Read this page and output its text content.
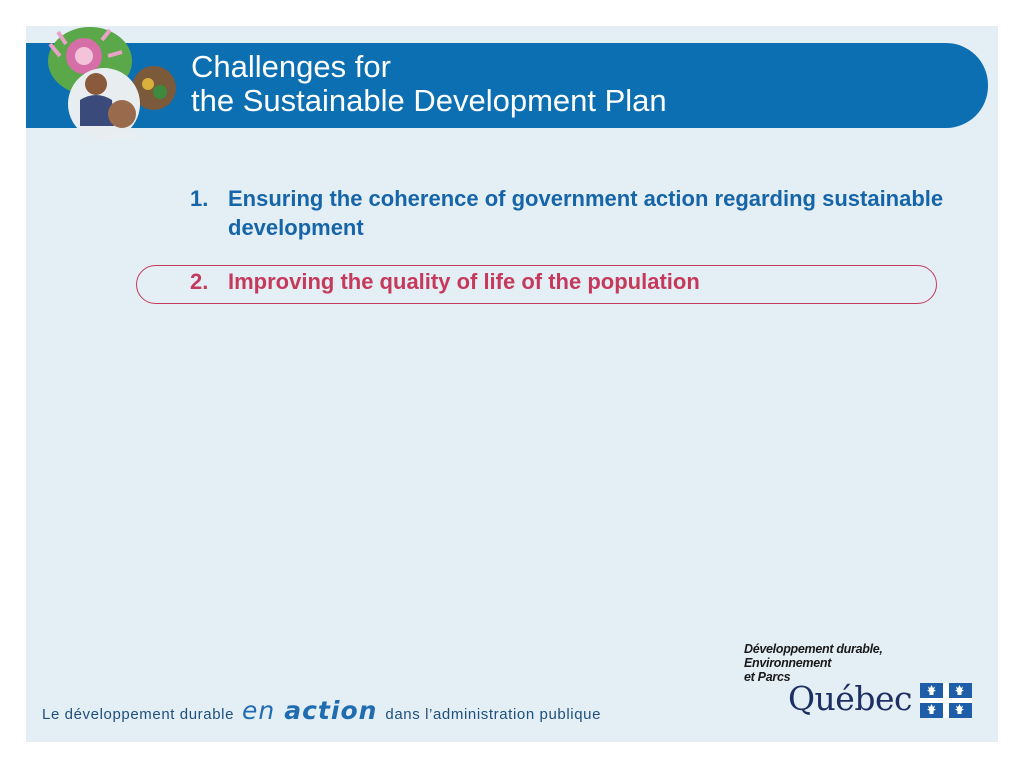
Challenges for
the Sustainable Development Plan
1. Ensuring the coherence of government action regarding sustainable development
2. Improving the quality of life of the population
Le développement durable en action dans l’administration publique
Développement durable,
Environnement
et Parcs
Québec
